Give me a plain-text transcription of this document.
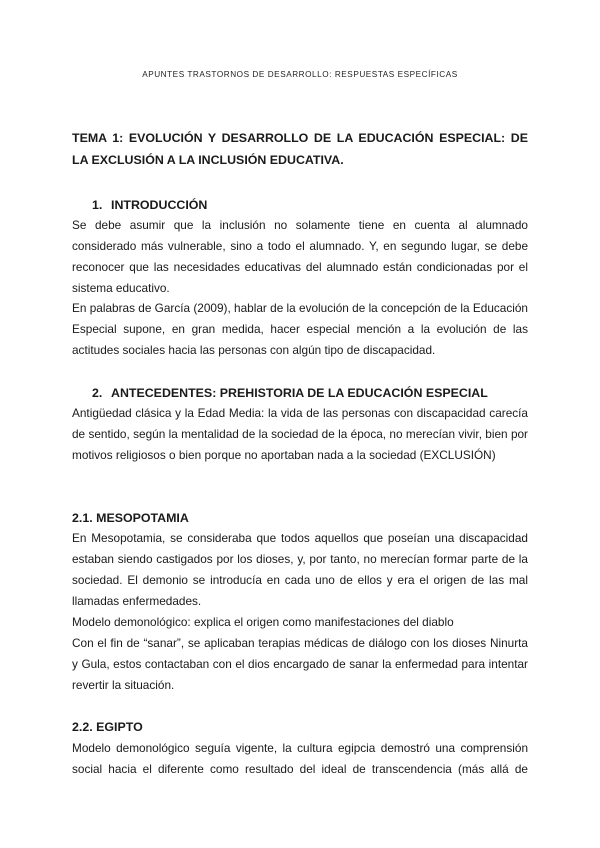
APUNTES TRASTORNOS DE DESARROLLO: RESPUESTAS ESPECÍFICAS
TEMA 1: EVOLUCIÓN Y DESARROLLO DE LA EDUCACIÓN ESPECIAL: DE LA EXCLUSIÓN A LA INCLUSIÓN EDUCATIVA.
1. INTRODUCCIÓN

Se debe asumir que la inclusión no solamente tiene en cuenta al alumnado considerado más vulnerable, sino a todo el alumnado. Y, en segundo lugar, se debe reconocer que las necesidades educativas del alumnado están condicionadas por el sistema educativo.

En palabras de García (2009), hablar de la evolución de la concepción de la Educación Especial supone, en gran medida, hacer especial mención a la evolución de las actitudes sociales hacia las personas con algún tipo de discapacidad.

2. ANTECEDENTES: PREHISTORIA DE LA EDUCACIÓN ESPECIAL

Antigüedad clásica y la Edad Media: la vida de las personas con discapacidad carecía de sentido, según la mentalidad de la sociedad de la época, no merecían vivir, bien por motivos religiosos o bien porque no aportaban nada a la sociedad (EXCLUSIÓN)

2.1. MESOPOTAMIA

En Mesopotamia, se consideraba que todos aquellos que poseían una discapacidad estaban siendo castigados por los dioses, y, por tanto, no merecían formar parte de la sociedad. El demonio se introducía en cada uno de ellos y era el origen de las mal llamadas enfermedades.

Modelo demonológico: explica el origen como manifestaciones del diablo

Con el fin de “sanar”, se aplicaban terapias médicas de diálogo con los dioses Ninurta y Gula, estos contactaban con el dios encargado de sanar la enfermedad para intentar revertir la situación.

2.2. EGIPTO

Modelo demonológico seguía vigente, la cultura egipcia demostró una comprensión social hacia el diferente como resultado del ideal de transcendencia (más allá de
